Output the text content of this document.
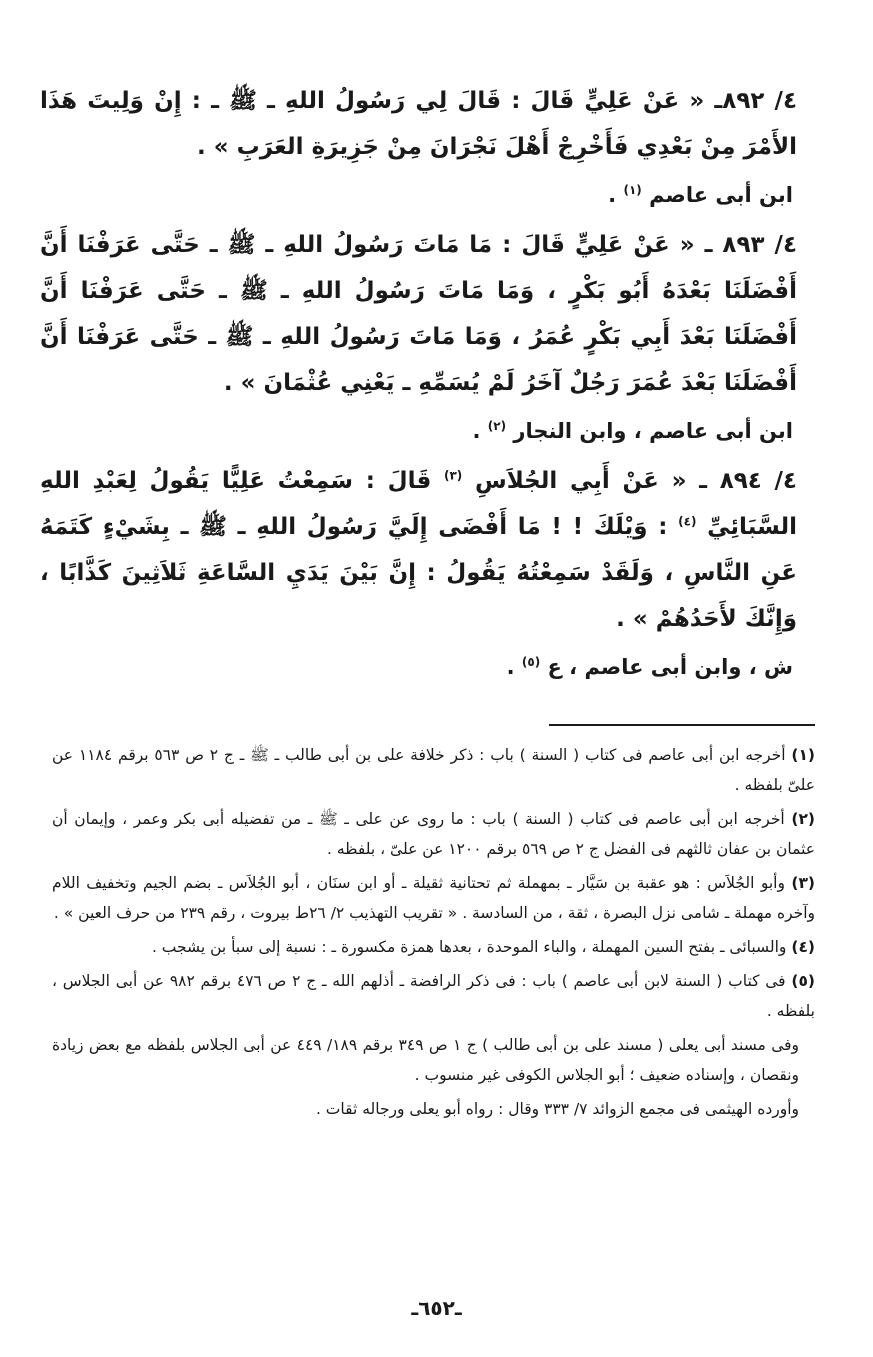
٤/ ٨٩٢ـ « عَنْ عَلِيٍّ قَالَ : قَالَ لِي رَسُولُ اللهِ ـ ﷺ ـ : إِنْ وَلِيتَ هَذَا الأَمْرَ مِنْ بَعْدِي فَأَخْرِجْ أَهْلَ نَجْرَانَ مِنْ جَزِيرَةِ العَرَبِ » .

ابن أبى عاصم $^{(١)}$ .

٤/ ٨٩٣ ـ « عَنْ عَلِيٍّ قَالَ : مَا مَاتَ رَسُولُ اللهِ ـ ﷺ ـ حَتَّى عَرَفْنَا أَنَّ أَفْضَلَنَا بَعْدَهُ أَبُو بَكْرٍ ، وَمَا مَاتَ رَسُولُ اللهِ ـ ﷺ ـ حَتَّى عَرَفْنَا أَنَّ أَفْضَلَنَا بَعْدَ أَبِي بَكْرٍ عُمَرُ ، وَمَا مَاتَ رَسُولُ اللهِ ـ ﷺ ـ حَتَّى عَرَفْنَا أَنَّ أَفْضَلَنَا بَعْدَ عُمَرَ رَجُلٌ آخَرُ لَمْ يُسَمِّهِ ـ يَعْنِي عُثْمَانَ » .

ابن أبى عاصم ، وابن النجار $^{(٢)}$ .

٤/ ٨٩٤ ـ « عَنْ أَبِي الجُلاَسِ $^{(٣)}$ قَالَ : سَمِعْتُ عَلِيًّا يَقُولُ لِعَبْدِ اللهِ السَّبَائِيِّ $^{(٤)}$ : وَيْلَكَ ! ! مَا أَفْضَى إِلَيَّ رَسُولُ اللهِ ـ ﷺ ـ بِشَيْءٍ كَتَمَهُ عَنِ النَّاسِ ، وَلَقَدْ سَمِعْتُهُ يَقُولُ : إِنَّ بَيْنَ يَدَيِ السَّاعَةِ ثَلاَثِينَ كَذَّابًا ، وَإِنَّكَ لأَحَدُهُمْ » .

ش ، وابن أبى عاصم ، ع $^{(٥)}$ .

(١) أخرجه ابن أبى عاصم فى كتاب ( السنة ) باب : ذكر خلافة على بن أبى طالب ـ ﷺ ـ ج ٢ ص ٥٦٣ برقم ١١٨٤ عن علىّ بلفظه .

(٢) أخرجه ابن أبى عاصم فى كتاب ( السنة ) باب : ما روى عن على ـ ﷺ ـ من تفضيله أبى بكر وعمر ، وإيمان أن عثمان بن عفان ثالثهم فى الفضل ج ٢ ص ٥٦٩ برقم ١٢٠٠ عن علىّ ، بلفظه .

(٣) وأبو الجُلاَس : هو عقبة بن سَيَّار ـ بمهملة ثم تحتانية ثقيلة ـ أو ابن سنَان ، أبو الجُلاَس ـ بضم الجيم وتخفيف اللام وآخره مهملة ـ شامى نزل البصرة ، ثقة ، من السادسة . « تقريب التهذيب ٢/ ٢٦ط بيروت ، رقم ٢٣٩ من حرف العين » .

(٤) والسبائى ـ بفتح السين المهملة ، والباء الموحدة ، بعدها همزة مكسورة ـ : نسبة إلى سبأ بن يشجب .

(٥) فى كتاب ( السنة لابن أبى عاصم ) باب : فى ذكر الرافضة ـ أذلهم الله ـ ج ٢ ص ٤٧٦ برقم ٩٨٢ عن أبى الجلاس ، بلفظه .

وفى مسند أبى يعلى ( مسند على بن أبى طالب ) ج ١ ص ٣٤٩ برقم ١٨٩/ ٤٤٩ عن أبى الجلاس بلفظه مع بعض زيادة ونقصان ، وإسناده ضعيف ؛ أبو الجلاس الكوفى غير منسوب .

وأورده الهيثمى فى مجمع الزوائد ٧/ ٣٣٣ وقال : رواه أبو يعلى ورجاله ثقات .

ـ٦٥٢ـ
